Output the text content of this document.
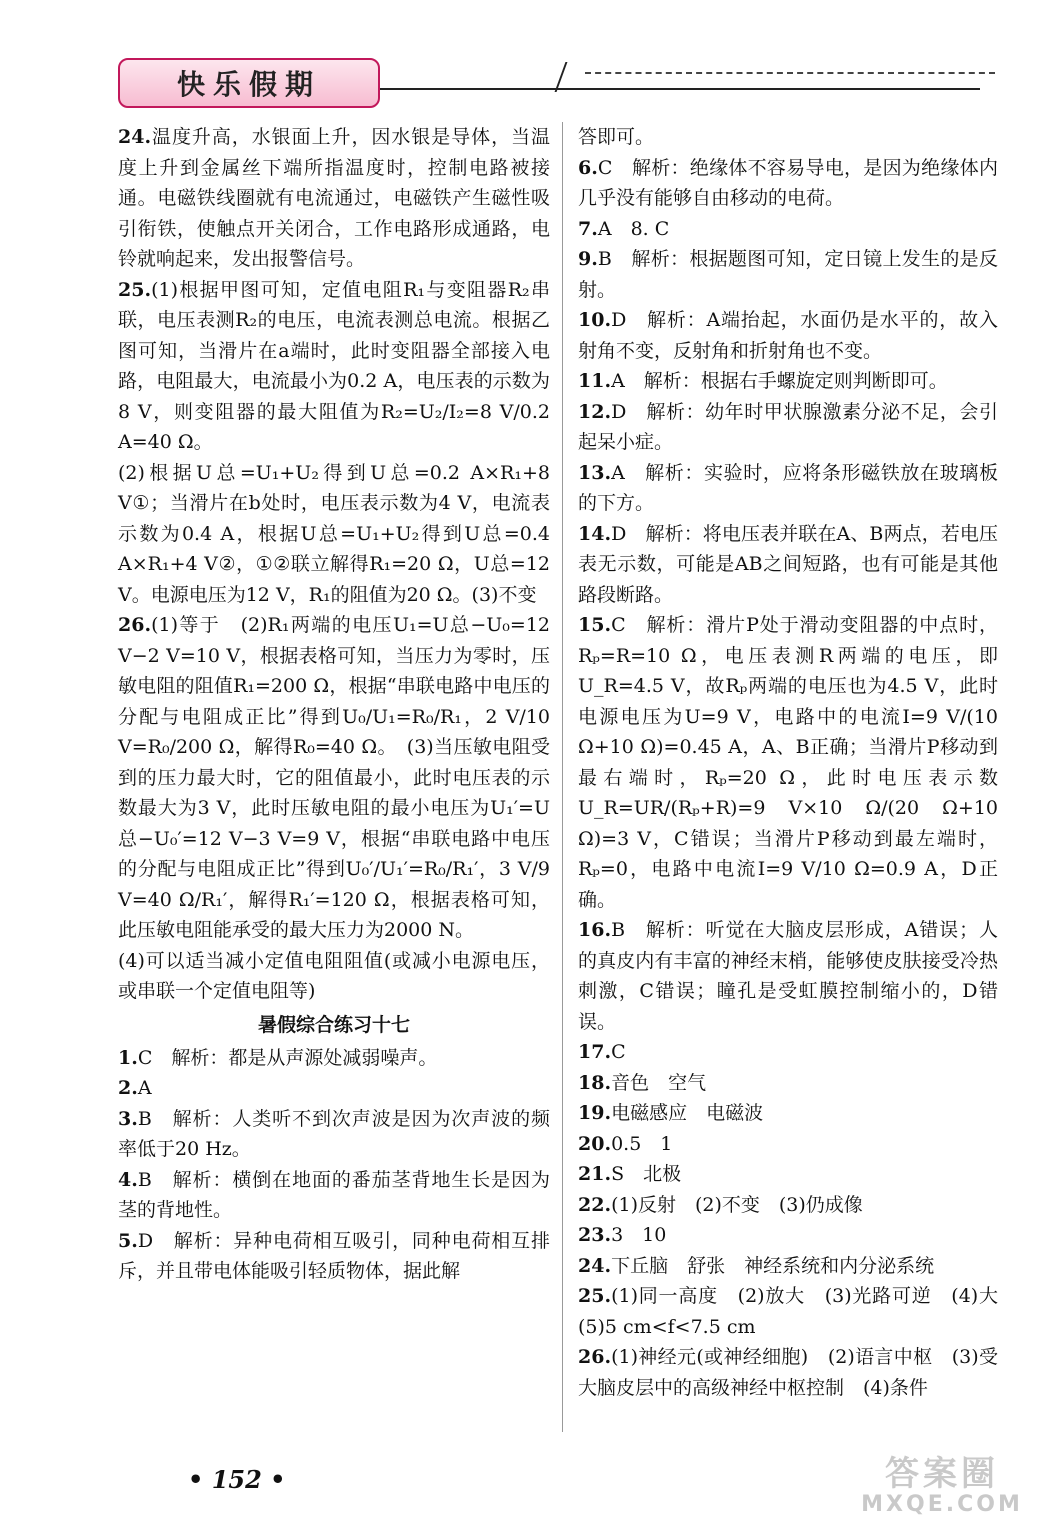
快乐假期

24.温度升高，水银面上升，因水银是导体，当温度上升到金属丝下端所指温度时，控制电路被接通。电磁铁线圈就有电流通过，电磁铁产生磁性吸引衔铁，使触点开关闭合，工作电路形成通路，电铃就响起来，发出报警信号。

25.(1)根据甲图可知，定值电阻R₁与变阻器R₂串联，电压表测R₂的电压，电流表测总电流。根据乙图可知，当滑片在a端时，此时变阻器全部接入电路，电阻最大，电流最小为0.2 A，电压表的示数为8 V，则变阻器的最大阻值为R₂=U₂/I₂=8 V/0.2 A=40 Ω。

(2)根据U总=U₁+U₂得到U总=0.2 A×R₁+8 V①；当滑片在b处时，电压表示数为4 V，电流表示数为0.4 A，根据U总=U₁+U₂得到U总=0.4 A×R₁+4 V②，①②联立解得R₁=20 Ω，U总=12 V。电源电压为12 V，R₁的阻值为20 Ω。(3)不变

26.(1)等于　(2)R₁两端的电压U₁=U总−U₀=12 V−2 V=10 V，根据表格可知，当压力为零时，压敏电阻的阻值R₁=200 Ω，根据“串联电路中电压的分配与电阻成正比”得到U₀/U₁=R₀/R₁，2 V/10 V=R₀/200 Ω，解得R₀=40 Ω。　(3)当压敏电阻受到的压力最大时，它的阻值最小，此时电压表的示数最大为3 V，此时压敏电阻的最小电压为U₁′=U总−U₀′=12 V−3 V=9 V，根据“串联电路中电压的分配与电阻成正比”得到U₀′/U₁′=R₀/R₁′，3 V/9 V=40 Ω/R₁′，解得R₁′=120 Ω，根据表格可知，此压敏电阻能承受的最大压力为2000 N。

(4)可以适当减小定值电阻阻值(或减小电源电压，或串联一个定值电阻等)

暑假综合练习十七

1.C　解析：都是从声源处减弱噪声。

2.A

3.B　解析：人类听不到次声波是因为次声波的频率低于20 Hz。

4.B　解析：横倒在地面的番茄茎背地生长是因为茎的背地性。

5.D　解析：异种电荷相互吸引，同种电荷相互排斥，并且带电体能吸引轻质物体，据此解

答即可。

6.C　解析：绝缘体不容易导电，是因为绝缘体内几乎没有能够自由移动的电荷。

7.A　8. C

9.B　解析：根据题图可知，定日镜上发生的是反射。

10.D　解析：A端抬起，水面仍是水平的，故入射角不变，反射角和折射角也不变。

11.A　解析：根据右手螺旋定则判断即可。

12.D　解析：幼年时甲状腺激素分泌不足，会引起呆小症。

13.A　解析：实验时，应将条形磁铁放在玻璃板的下方。

14.D　解析：将电压表并联在A、B两点，若电压表无示数，可能是AB之间短路，也有可能是其他路段断路。

15.C　解析：滑片P处于滑动变阻器的中点时，Rₚ=R=10 Ω，电压表测R两端的电压，即U_R=4.5 V，故Rₚ两端的电压也为4.5 V，此时电源电压为U=9 V，电路中的电流I=9 V/(10 Ω+10 Ω)=0.45 A，A、B正确；当滑片P移动到最右端时，Rₚ=20 Ω，此时电压表示数U_R=UR/(Rₚ+R)=9 V×10 Ω/(20 Ω+10 Ω)=3 V，C错误；当滑片P移动到最左端时，Rₚ=0，电路中电流I=9 V/10 Ω=0.9 A，D正确。

16.B　解析：听觉在大脑皮层形成，A错误；人的真皮内有丰富的神经末梢，能够使皮肤接受冷热刺激，C错误；瞳孔是受虹膜控制缩小的，D错误。

17.C

18.音色　空气

19.电磁感应　电磁波

20.0.5　1

21.S　北极

22.(1)反射　(2)不变　(3)仍成像

23.3　10

24.下丘脑　舒张　神经系统和内分泌系统

25.(1)同一高度　(2)放大　(3)光路可逆　(4)大　(5)5 cm<f<7.5 cm

26.(1)神经元(或神经细胞)　(2)语言中枢　(3)受大脑皮层中的高级神经中枢控制　(4)条件

• 152 •	答案圈
MXQE.COM
